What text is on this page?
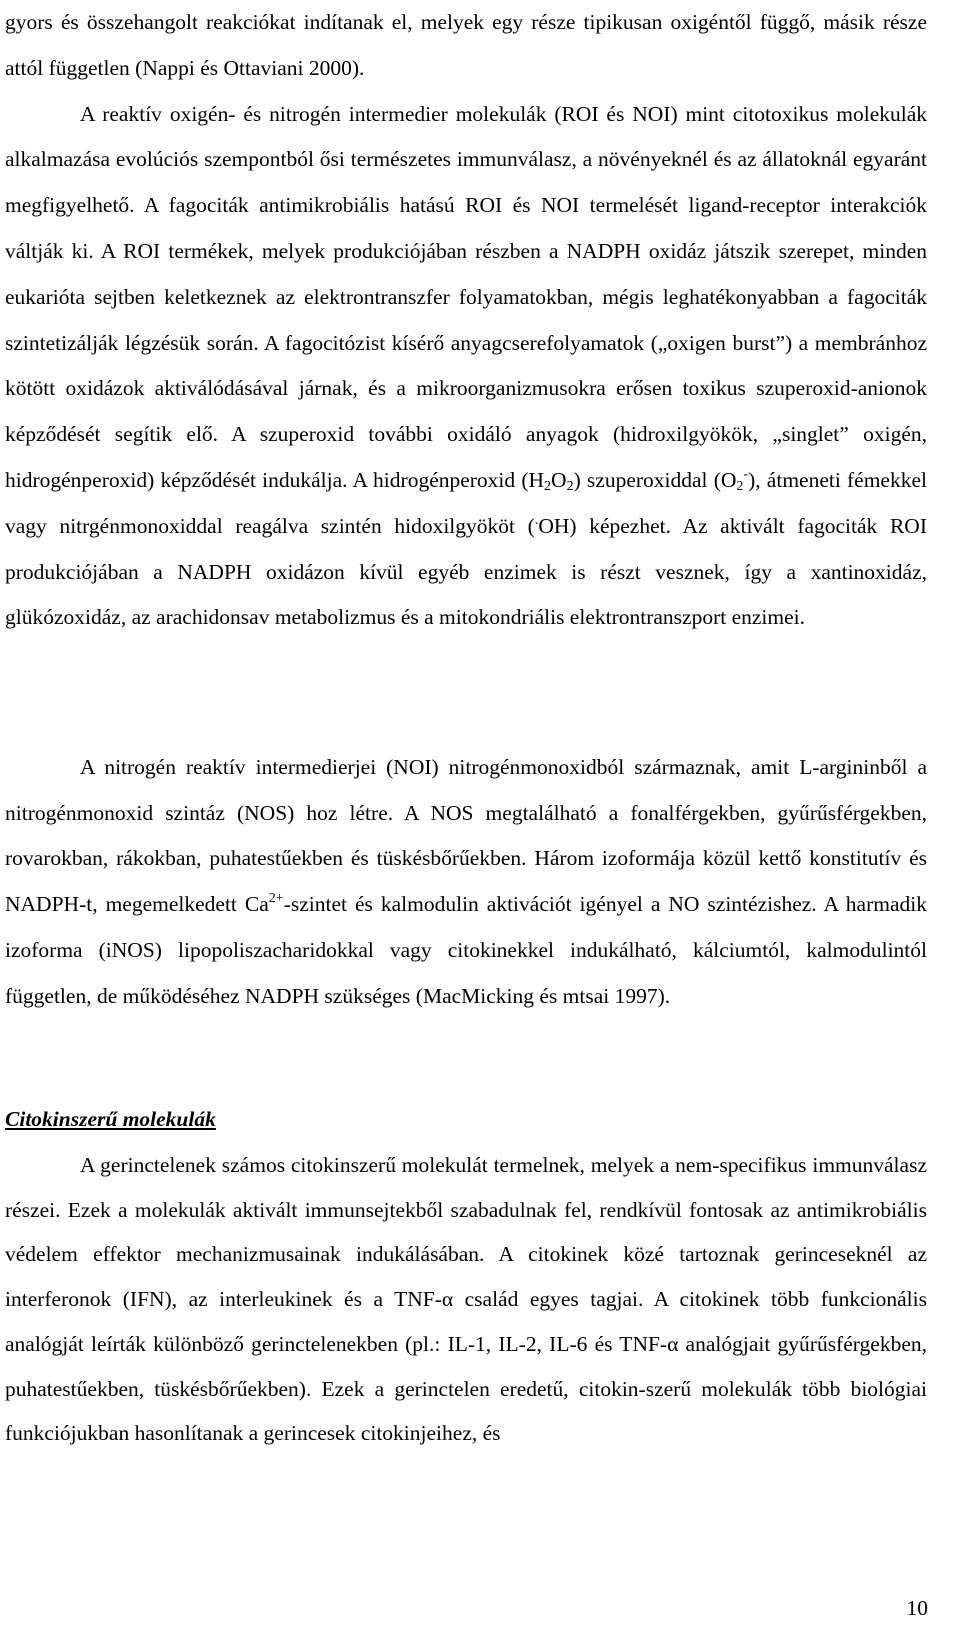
gyors és összehangolt reakciókat indítanak el, melyek egy része tipikusan oxigéntől függő, másik része attól független (Nappi és Ottaviani 2000).

A reaktív oxigén- és nitrogén intermedier molekulák (ROI és NOI) mint citotoxikus molekulák alkalmazása evolúciós szempontból ősi természetes immunválasz, a növényeknél és az állatoknál egyaránt megfigyelhető. A fagociták antimikrobiális hatású ROI és NOI termelését ligand-receptor interakciók váltják ki. A ROI termékek, melyek produkciójában részben a NADPH oxidáz játszik szerepet, minden eukarióta sejtben keletkeznek az elektrontranszfer folyamatokban, mégis leghatékonyabban a fagociták szintetizálják légzésük során. A fagocitózist kísérő anyagcserefolyamatok („oxigen burst”) a membránhoz kötött oxidázok aktiválódásával járnak, és a mikroorganizmusokra erősen toxikus szuperoxid-anionok képződését segítik elő. A szuperoxid további oxidáló anyagok (hidroxilgyökök, „singlet” oxigén, hidrogénperoxid) képződését indukálja. A hidrogénperoxid $(H_2O_2)$ szuperoxiddal $(O_2^-)$, átmeneti fémekkel vagy nitrgénmonoxiddal reagálva szintén hidoxilgyököt (.OH) képezhet. Az aktivált fagociták ROI produkciójában a NADPH oxidázon kívül egyéb enzimek is részt vesznek, így a xantinoxidáz, glükózoxidáz, az arachidonsav metabolizmus és a mitokondriális elektrontranszport enzimei.

A nitrogén reaktív intermedierjei (NOI) nitrogénmonoxidból származnak, amit L-argininből a nitrogénmonoxid szintáz (NOS) hoz létre. A NOS megtalálható a fonalférgekben, gyűrűsférgekben, rovarokban, rákokban, puhatestűekben és tüskésbőrűekben. Három izoformája közül kettő konstitutív és NADPH-t, megemelkedett $Ca^{2+}$-szintet és kalmodulin aktivációt igényel a NO szintézishez. A harmadik izoforma (iNOS) lipopoliszacharidokkal vagy citokinekkel indukálható, kálciumtól, kalmodulintól független, de működéséhez NADPH szükséges (MacMicking és mtsai 1997).

Citokinszerű molekulák

A gerinctelenek számos citokinszerű molekulát termelnek, melyek a nem-specifikus immunválasz részei. Ezek a molekulák aktivált immunsejtekből szabadulnak fel, rendkívül fontosak az antimikrobiális védelem effektor mechanizmusainak indukálásában. A citokinek közé tartoznak gerinceseknél az interferonok (IFN), az interleukinek és a TNF-α család egyes tagjai. A citokinek több funkcionális analógját leírták különböző gerinctelenekben (pl.: IL-1, IL-2, IL-6 és TNF-α analógjait gyűrűsférgekben, puhatestűekben, tüskésbőrűekben). Ezek a gerinctelen eredetű, citokin-szerű molekulák több biológiai funkciójukban hasonlítanak a gerincesek citokinjeihez, és

10
